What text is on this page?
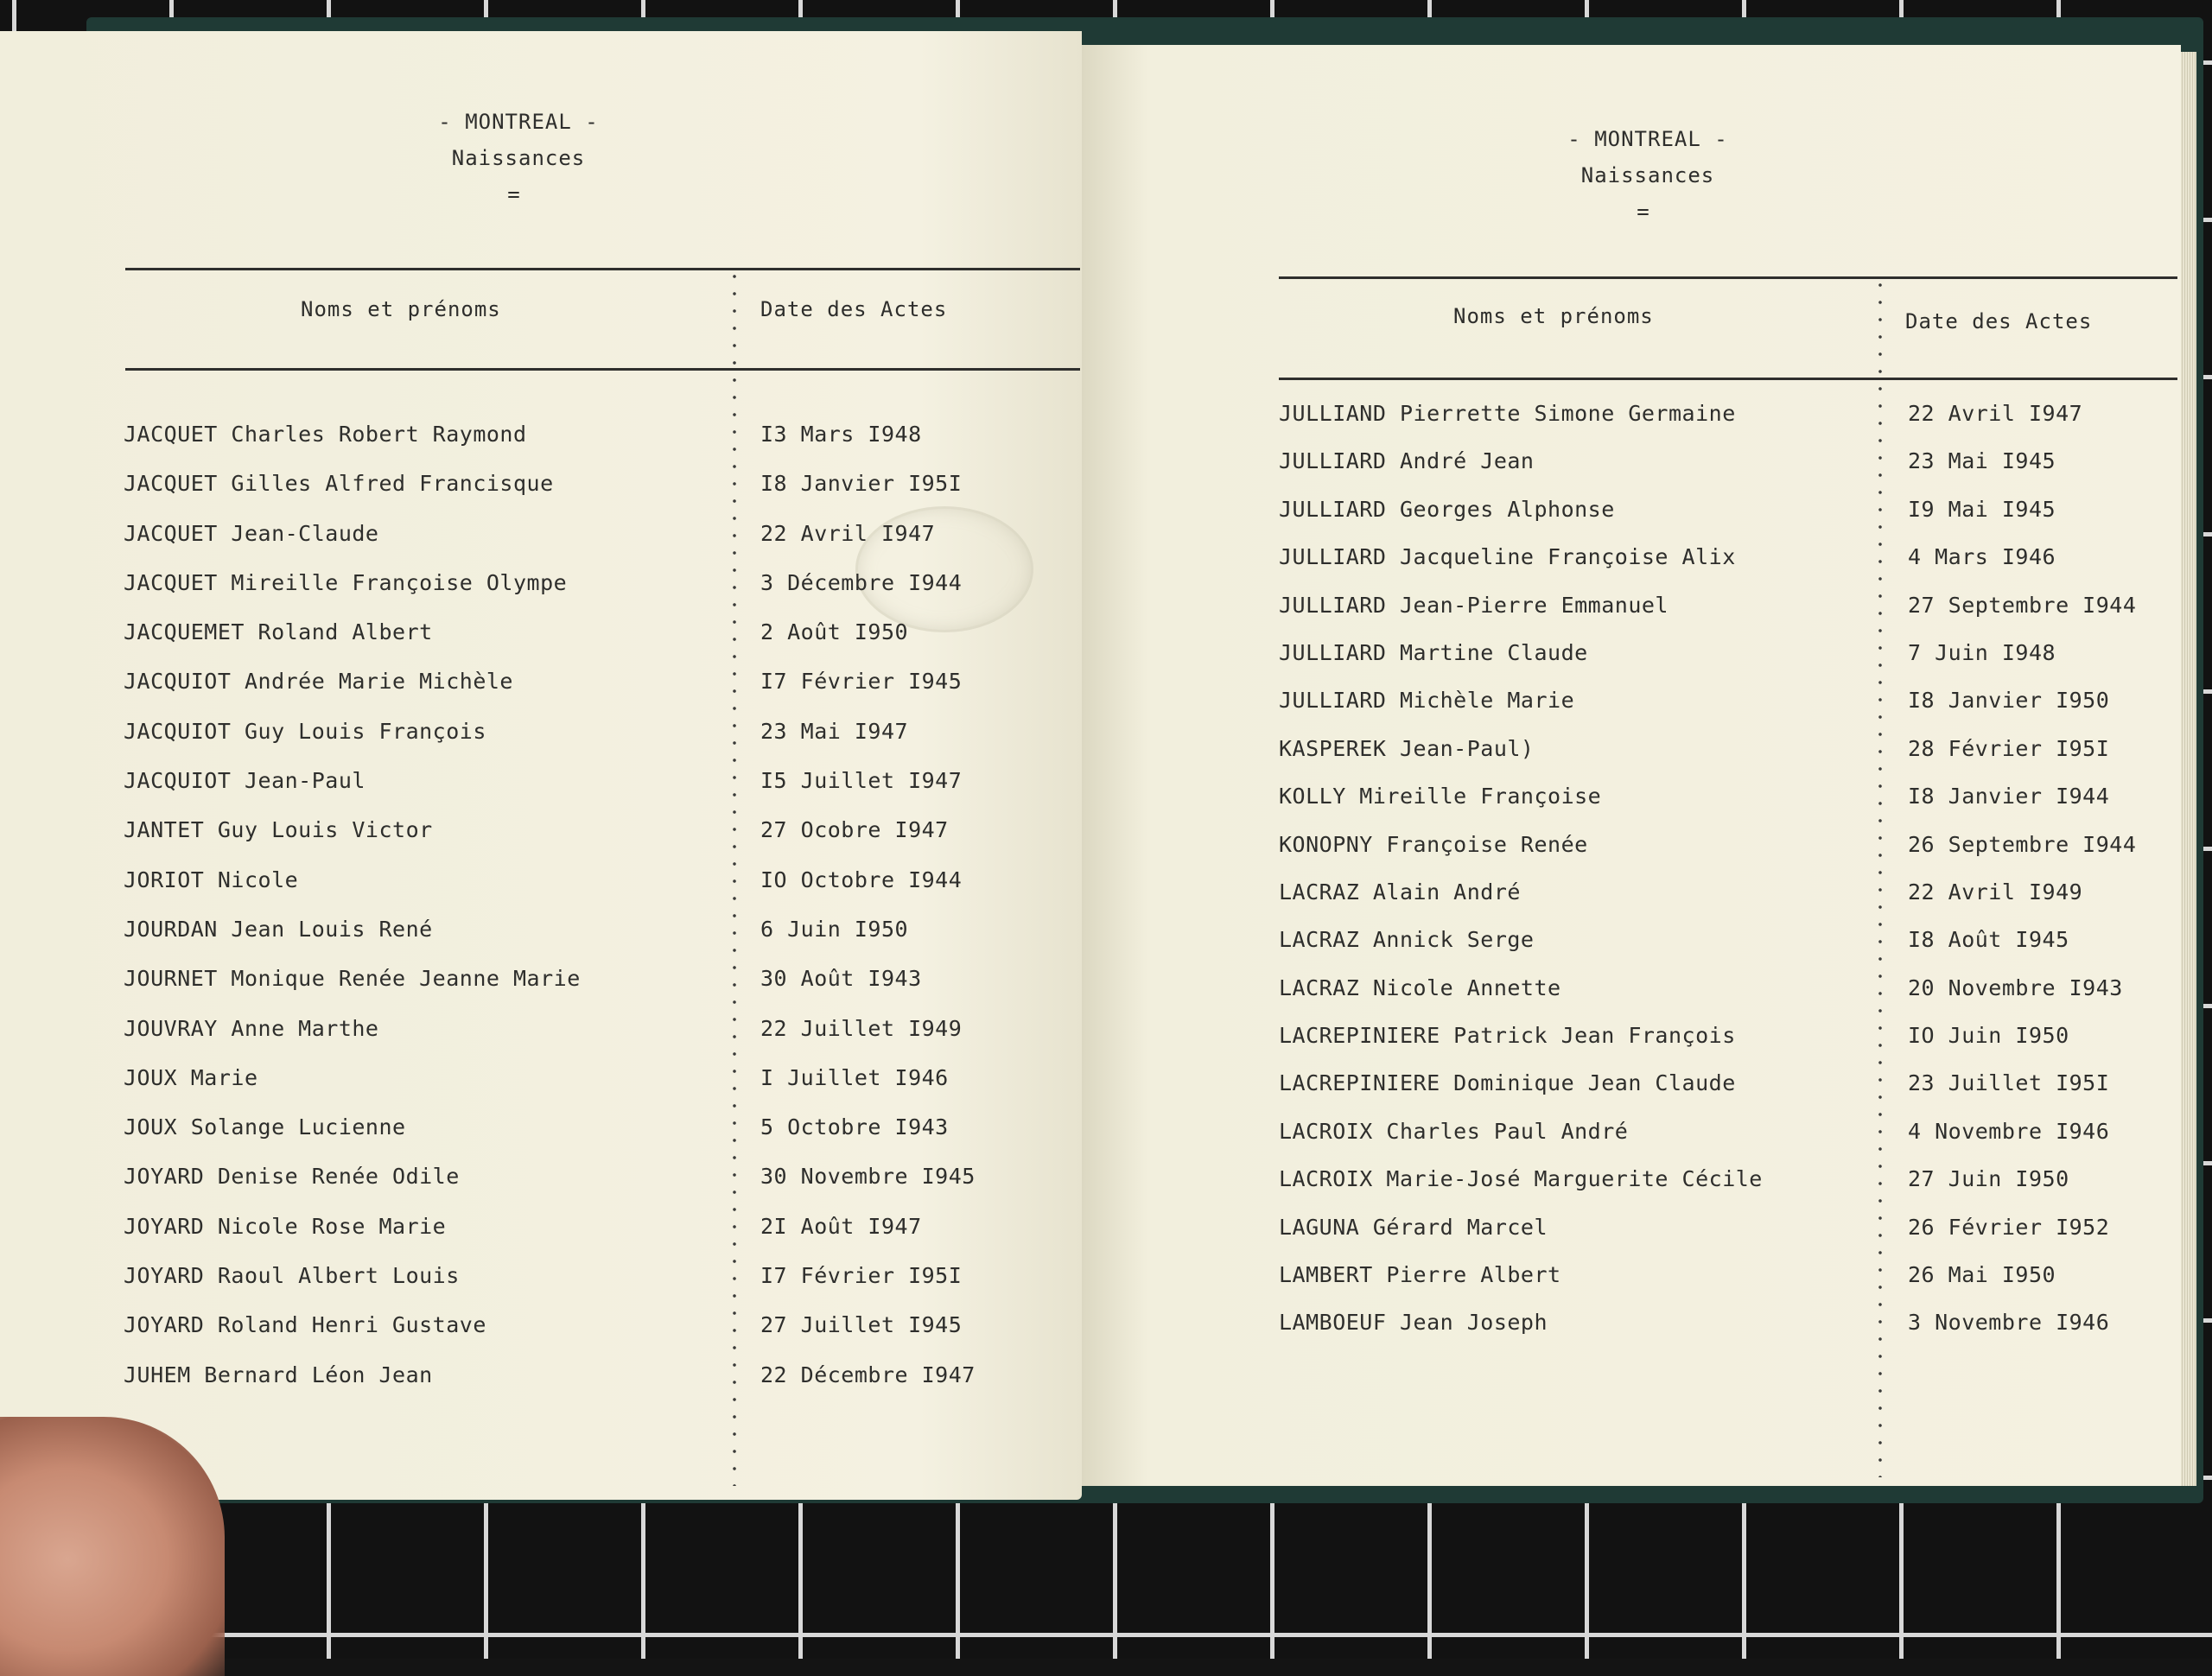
- MONTREAL -
Naissances
=
Noms et prénoms	Date des Actes
JACQUET Charles Robert Raymond	I3 Mars I948
JACQUET Gilles Alfred Francisque	I8 Janvier I95I
JACQUET Jean-Claude	22 Avril I947
JACQUET Mireille Françoise Olympe	3 Décembre I944
JACQUEMET Roland Albert	2 Août I950
JACQUIOT Andrée Marie Michèle	I7 Février I945
JACQUIOT Guy Louis François	23 Mai I947
JACQUIOT Jean-Paul	I5 Juillet I947
JANTET Guy Louis Victor	27 Ocobre I947
JORIOT Nicole	IO Octobre I944
JOURDAN Jean Louis René	6 Juin I950
JOURNET Monique Renée Jeanne Marie	30 Août I943
JOUVRAY Anne Marthe	22 Juillet I949
JOUX Marie	I Juillet I946
JOUX Solange Lucienne	5 Octobre I943
JOYARD Denise Renée Odile	30 Novembre I945
JOYARD Nicole Rose Marie	2I Août I947
JOYARD Raoul Albert Louis	I7 Février I95I
JOYARD Roland Henri Gustave	27 Juillet I945
JUHEM Bernard Léon Jean	22 Décembre I947
- MONTREAL -
Naissances
=
Noms et prénoms	Date des Actes
JULLIAND Pierrette Simone Germaine	22 Avril I947
JULLIARD André Jean	23 Mai I945
JULLIARD Georges Alphonse	I9 Mai I945
JULLIARD Jacqueline Françoise Alix	4 Mars I946
JULLIARD Jean-Pierre Emmanuel	27 Septembre I944
JULLIARD Martine Claude	7 Juin I948
JULLIARD Michèle Marie	I8 Janvier I950
KASPEREK Jean-Paul)	28 Février I95I
KOLLY Mireille Françoise	I8 Janvier I944
KONOPNY Françoise Renée	26 Septembre I944
LACRAZ Alain André	22 Avril I949
LACRAZ Annick Serge	I8 Août I945
LACRAZ Nicole Annette	20 Novembre I943
LACREPINIERE Patrick Jean François	IO Juin I950
LACREPINIERE Dominique Jean Claude	23 Juillet I95I
LACROIX Charles Paul André	4 Novembre I946
LACROIX Marie-José Marguerite Cécile	27 Juin I950
LAGUNA Gérard Marcel	26 Février I952
LAMBERT Pierre Albert	26 Mai I950
LAMBOEUF Jean Joseph	3 Novembre I946
